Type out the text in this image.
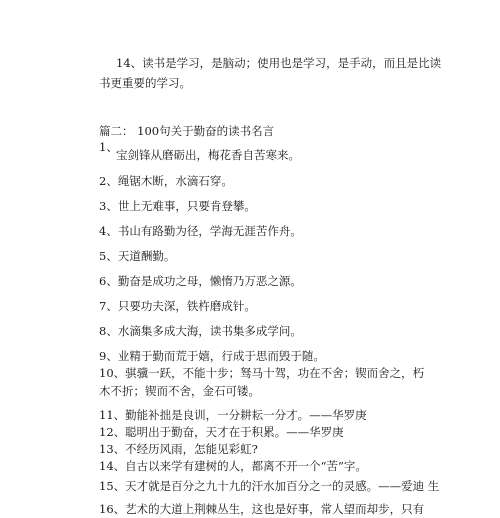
14、读书是学习，是脑动；使用也是学习，是手动，而且是比读
书更重要的学习。
篇二： 100句关于勤奋的读书名言
1、
宝剑锋从磨砺出，梅花香自苦寒来。
2、绳锯木断，水滴石穿。
3、世上无难事，只要肯登攀。
4、书山有路勤为径，学海无涯苦作舟。
5、天道酬勤。
6、勤奋是成功之母，懒惰乃万恶之源。
7、只要功夫深，铁杵磨成针。
8、水滴集多成大海，读书集多成学问。
9、业精于勤而荒于嬉，行成于思而毁于随。
10、骐骥一跃，不能十步；驽马十驾，功在不舍；锲而舍之，朽
木不折；锲而不舍，金石可镂。
11、勤能补拙是良训，一分耕耘一分才。——华罗庚
12、聪明出于勤奋，天才在于积累。——华罗庚
13、不经历风雨，怎能见彩虹?
14、自古以来学有建树的人，都离不开一个“苦”字。
15、天才就是百分之九十九的汗水加百分之一的灵感。——爱迪 生
16、艺术的大道上荆棘丛生，这也是好事，常人望而却步，只有
